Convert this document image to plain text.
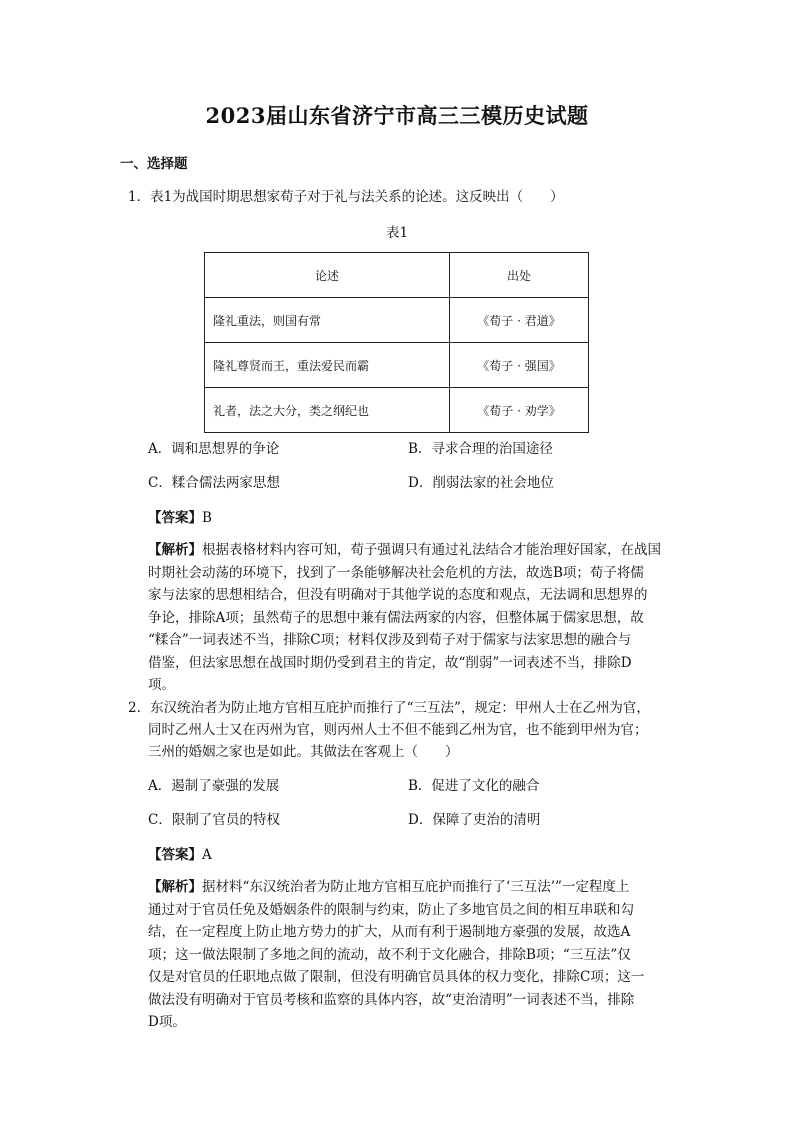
2023届山东省济宁市高三三模历史试题
一、选择题
1．表1为战国时期思想家荀子对于礼与法关系的论述。这反映出（　　）
表1
论述	出处
隆礼重法，则国有常	《荀子 · 君道》
隆礼尊贤而王，重法爱民而霸	《荀子 · 强国》
礼者，法之大分，类之纲纪也	《荀子 · 劝学》
A．调和思想界的争论	B．寻求合理的治国途径
C．糅合儒法两家思想	D．削弱法家的社会地位
【答案】B
【解析】根据表格材料内容可知，荀子强调只有通过礼法结合才能治理好国家，在战国
时期社会动荡的环境下，找到了一条能够解决社会危机的方法，故选B项；荀子将儒
家与法家的思想相结合，但没有明确对于其他学说的态度和观点，无法调和思想界的
争论，排除A项；虽然荀子的思想中兼有儒法两家的内容，但整体属于儒家思想，故
“糅合”一词表述不当，排除C项；材料仅涉及到荀子对于儒家与法家思想的融合与
借鉴，但法家思想在战国时期仍受到君主的肯定，故“削弱”一词表述不当，排除D
项。
2．东汉统治者为防止地方官相互庇护而推行了“三互法”，规定：甲州人士在乙州为官，
同时乙州人士又在丙州为官，则丙州人士不但不能到乙州为官，也不能到甲州为官；
三州的婚姻之家也是如此。其做法在客观上（　　）
A．遏制了豪强的发展	B．促进了文化的融合
C．限制了官员的特权	D．保障了吏治的清明
【答案】A
【解析】据材料“东汉统治者为防止地方官相互庇护而推行了‘三互法’”一定程度上
通过对于官员任免及婚姻条件的限制与约束，防止了多地官员之间的相互串联和勾
结，在一定程度上防止地方势力的扩大，从而有利于遏制地方豪强的发展，故选A
项；这一做法限制了多地之间的流动，故不利于文化融合，排除B项；“三互法”仅
仅是对官员的任职地点做了限制，但没有明确官员具体的权力变化，排除C项；这一
做法没有明确对于官员考核和监察的具体内容，故“吏治清明”一词表述不当，排除
D项。
